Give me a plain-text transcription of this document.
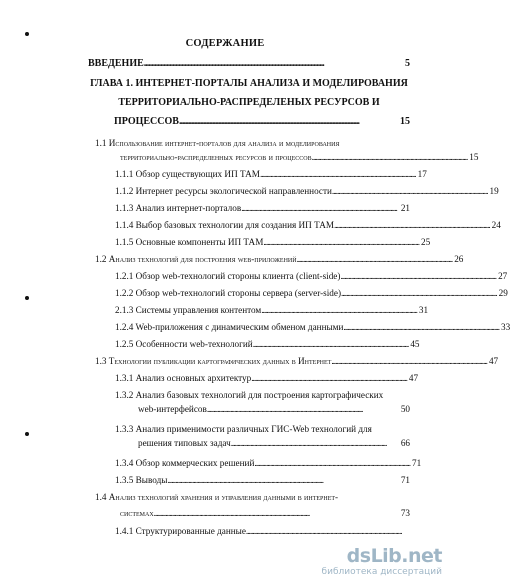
СОДЕРЖАНИЕ
ВВЕДЕНИЕ ........................................................................................................................	5
ГЛАВА 1. ИНТЕРНЕТ-ПОРТАЛЫ АНАЛИЗА И МОДЕЛИРОВАНИЯ
ТЕРРИТОРИАЛЬНО-РАСПРЕДЕЛЕНЫХ РЕСУРСОВ И
ПРОЦЕССОВ ........................................................................................................................	15
1.1 Использование интернет-порталов для анализа и моделирования
территориально-распределенных ресурсов и процессов ........................................................................................................................ 15
1.1.1 Обзор существующих ИП ТАМ ........................................................................................................................ 17
1.1.2 Интернет ресурсы экологической направленности ........................................................................................................................ 19
1.1.3 Анализ интернет-порталов ........................................................................................................................ 21
1.1.4 Выбор базовых технологии для создания ИП ТАМ ........................................................................................................................ 24
1.1.5 Основные компоненты ИП ТАМ ........................................................................................................................ 25
1.2 Анализ технологий для построения web-приложений ........................................................................................................................ 26
1.2.1 Обзор web-технологий стороны клиента (client-side) ........................................................................................................................ 27
1.2.2 Обзор web-технологий стороны сервера (server-side) ........................................................................................................................ 29
2.1.3 Системы управления контентом ........................................................................................................................ 31
1.2.4 Web-приложения с динамическим обменом данными ........................................................................................................................ 33
1.2.5 Особенности web-технологий ........................................................................................................................ 45
1.3 Технологии публикации картографических данных в Интернет ........................................................................................................................ 47
1.3.1 Анализ основных архитектур ........................................................................................................................ 47
1.3.2 Анализ базовых технологий для построения картографических
web-интерфейсов ........................................................................................................................	50
1.3.3 Анализ применимости различных ГИС-Web технологий для
решения типовых задач ........................................................................................................................	66
1.3.4 Обзор коммерческих решений ........................................................................................................................ 71
1.3.5 Выводы ........................................................................................................................	71
1.4 Анализ технологий хранения и управления данными в интернет-
системах ........................................................................................................................	73
1.4.1 Структурированные данные ........................................................................................................................
dsLib.net
библиотека диссертаций
